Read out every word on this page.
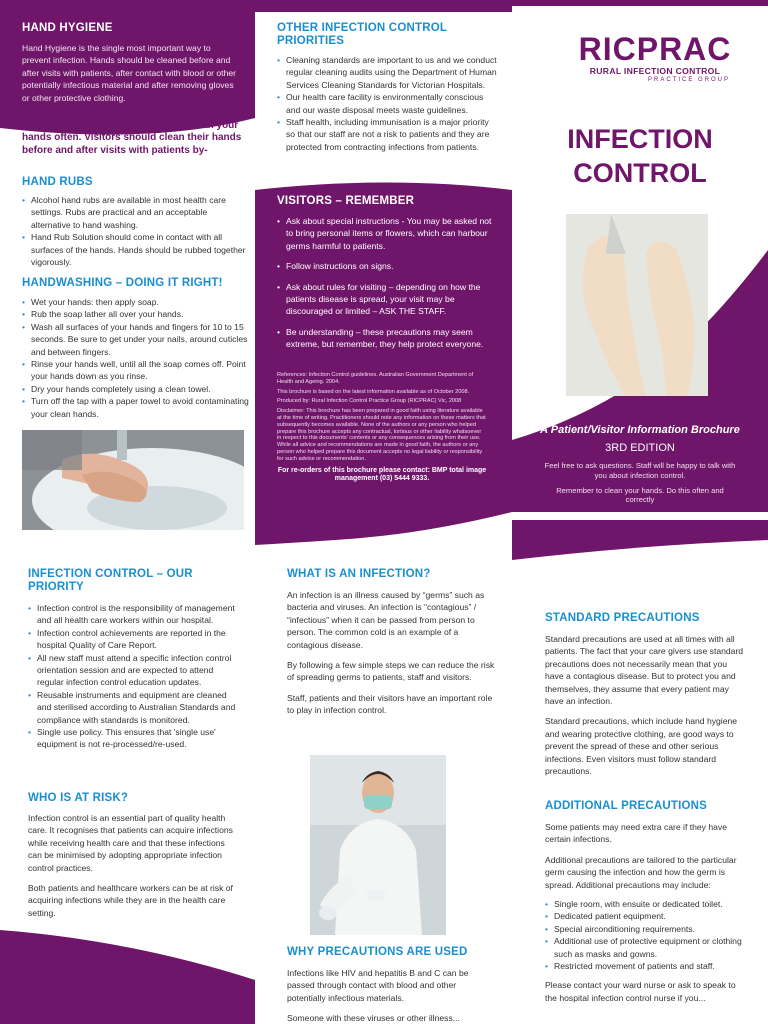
HAND HYGIENE

Hand Hygiene is the single most important way to prevent infection. Hands should be cleaned before and after visits with patients, after contact with blood or other potentially infectious material and after removing gloves or other protective clothing.

Hand hygiene makes a difference! Clean your hands often. Visitors should clean their hands before and after visits with patients by-

HAND RUBS
• Alcohol hand rubs are available in most health care settings. Rubs are practical and an acceptable alternative to hand washing.
• Hand Rub Solution should come in contact with all surfaces of the hands. Hands should be rubbed together vigorously.
HANDWASHING – DOING IT RIGHT!
• Wet your hands: then apply soap.
• Rub the soap lather all over your hands.
• Wash all surfaces of your hands and fingers for 10 to 15 seconds. Be sure to get under your nails, around cuticles and between fingers.
• Rinse your hands well, until all the soap comes off. Point your hands down as you rinse.
• Dry your hands completely using a clean towel.
• Turn off the tap with a paper towel to avoid contaminating your clean hands.
OTHER INFECTION CONTROL PRIORITIES
• Cleaning standards are important to us and we conduct regular cleaning audits using the Department of Human Services Cleaning Standards for Victorian Hospitals.
• Our health care facility is environmentally conscious and our waste disposal meets waste guidelines.
• Staff health, including immunisation is a major priority so that our staff are not a risk to patients and they are protected from contracting infections from patients.
VISITORS – REMEMBER
• Ask about special instructions - You may be asked not to bring personal items or flowers, which can harbour germs harmful to patients.
• Follow instructions on signs.
• Ask about rules for visiting – depending on how the patients disease is spread, your visit may be discouraged or limited – ASK THE STAFF.
• Be understanding – these precautions may seem extreme, but remember, they help protect everyone.

References: Infection Control guidelines. Australian Government Department of Health and Ageing. 2004.

This brochure is based on the latest information available as of October 2008.

Produced by: Rural Infection Control Practice Group (RICPRAC) Vic, 2008

Disclaimer: This brochure has been prepared in good faith using literature available at the time of writing. Practitioners should note any information on these matters that subsequently becomes available. None of the authors or any person who helped prepare this brochure accepts any contractual, tortious or other liability whatsoever in respect to this documents' contents or any consequences arising from their use. While all advice and recommendations are made in good faith, the authors or any person who helped prepare this document accepts no legal liability or responsibility for such advice or recommendation.

For re-orders of this brochure please contact: BMP total image management (03) 5444 9333.

RICPRAC
RURAL INFECTION CONTROL
PRACTICE GROUP
INFECTION
CONTROL
A Patient/Visitor Information Brochure
3RD EDITION

Feel free to ask questions. Staff will be happy to talk with you about infection control.

Remember to clean your hands. Do this often and correctly

INFECTION CONTROL – OUR PRIORITY
• Infection control is the responsibility of management and all health care workers within our hospital.
• Infection control achievements are reported in the hospital Quality of Care Report.
• All new staff must attend a specific infection control orientation session and are expected to attend regular infection control education updates.
• Reusable instruments and equipment are cleaned and sterilised according to Australian Standards and compliance with standards is monitored.
• Single use policy. This ensures that 'single use' equipment is not re-processed/re-used.
WHO IS AT RISK?

Infection control is an essential part of quality health care. It recognises that patients can acquire infections while receiving health care and that these infections can be minimised by adopting appropriate infection control practices.

Both patients and healthcare workers can be at risk of acquiring infections while they are in the health care setting.

WHAT IS AN INFECTION?

An infection is an illness caused by “germs” such as bacteria and viruses. An infection is “contagious” / “infectious” when it can be passed from person to person. The common cold is an example of a contagious disease.

By following a few simple steps we can reduce the risk of spreading germs to patients, staff and visitors.

Staff, patients and their visitors have an important role to play in infection control.

WHY PRECAUTIONS ARE USED

Infections like HIV and hepatitis B and C can be passed through contact with blood and other potentially infectious materials.

Someone with these viruses or other illness...

STANDARD PRECAUTIONS

Standard precautions are used at all times with all patients. The fact that your care givers use standard precautions does not necessarily mean that you have a contagious disease. But to protect you and themselves, they assume that every patient may have an infection.

Standard precautions, which include hand hygiene and wearing protective clothing, are good ways to prevent the spread of these and other serious infections. Even visitors must follow standard precautions.

ADDITIONAL PRECAUTIONS

Some patients may need extra care if they have certain infections.

Additional precautions are tailored to the particular germ causing the infection and how the germ is spread. Additional precautions may include:

• Single room, with ensuite or dedicated toilet.
• Dedicated patient equipment.
• Special airconditioning requirements.
• Additional use of protective equipment or clothing such as masks and gowns.
• Restricted movement of patients and staff.

Please contact your ward nurse or ask to speak to the hospital infection control nurse if you...
